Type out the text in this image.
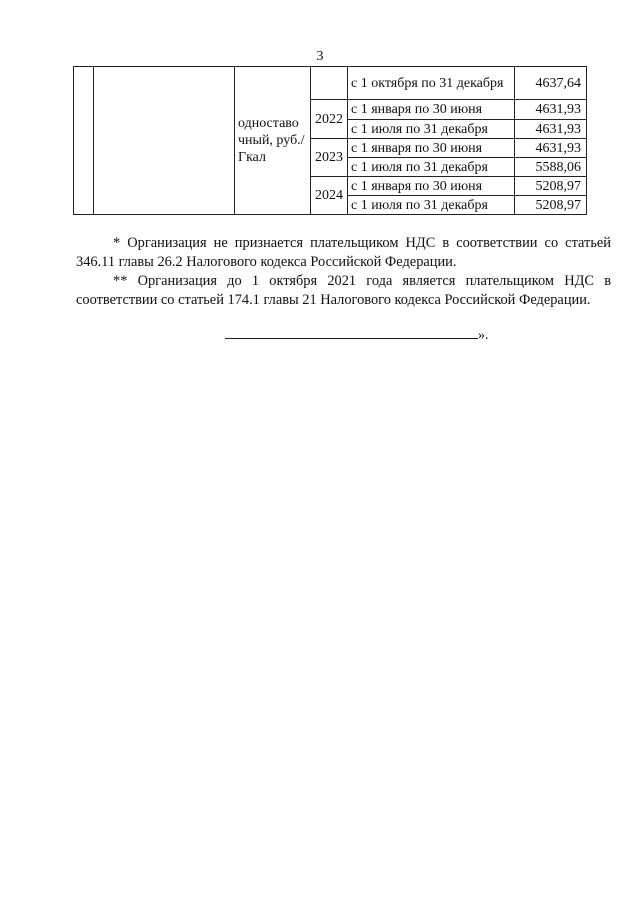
3
		одноставо чный, руб./Гкал		с 1 октября по 31 декабря	4637,64
			2022	с 1 января по 30 июня	4631,93
				с 1 июля по 31 декабря	4631,93
			2023	с 1 января по 30 июня	4631,93
				с 1 июля по 31 декабря	5588,06
			2024	с 1 января по 30 июня	5208,97
				с 1 июля по 31 декабря	5208,97

* Организация не признается плательщиком НДС в соответствии со статьей 346.11 главы 26.2 Налогового кодекса Российской Федерации.

** Организация до 1 октября 2021 года является плательщиком НДС в соответствии со статьей 174.1 главы 21 Налогового кодекса Российской Федерации.

».
